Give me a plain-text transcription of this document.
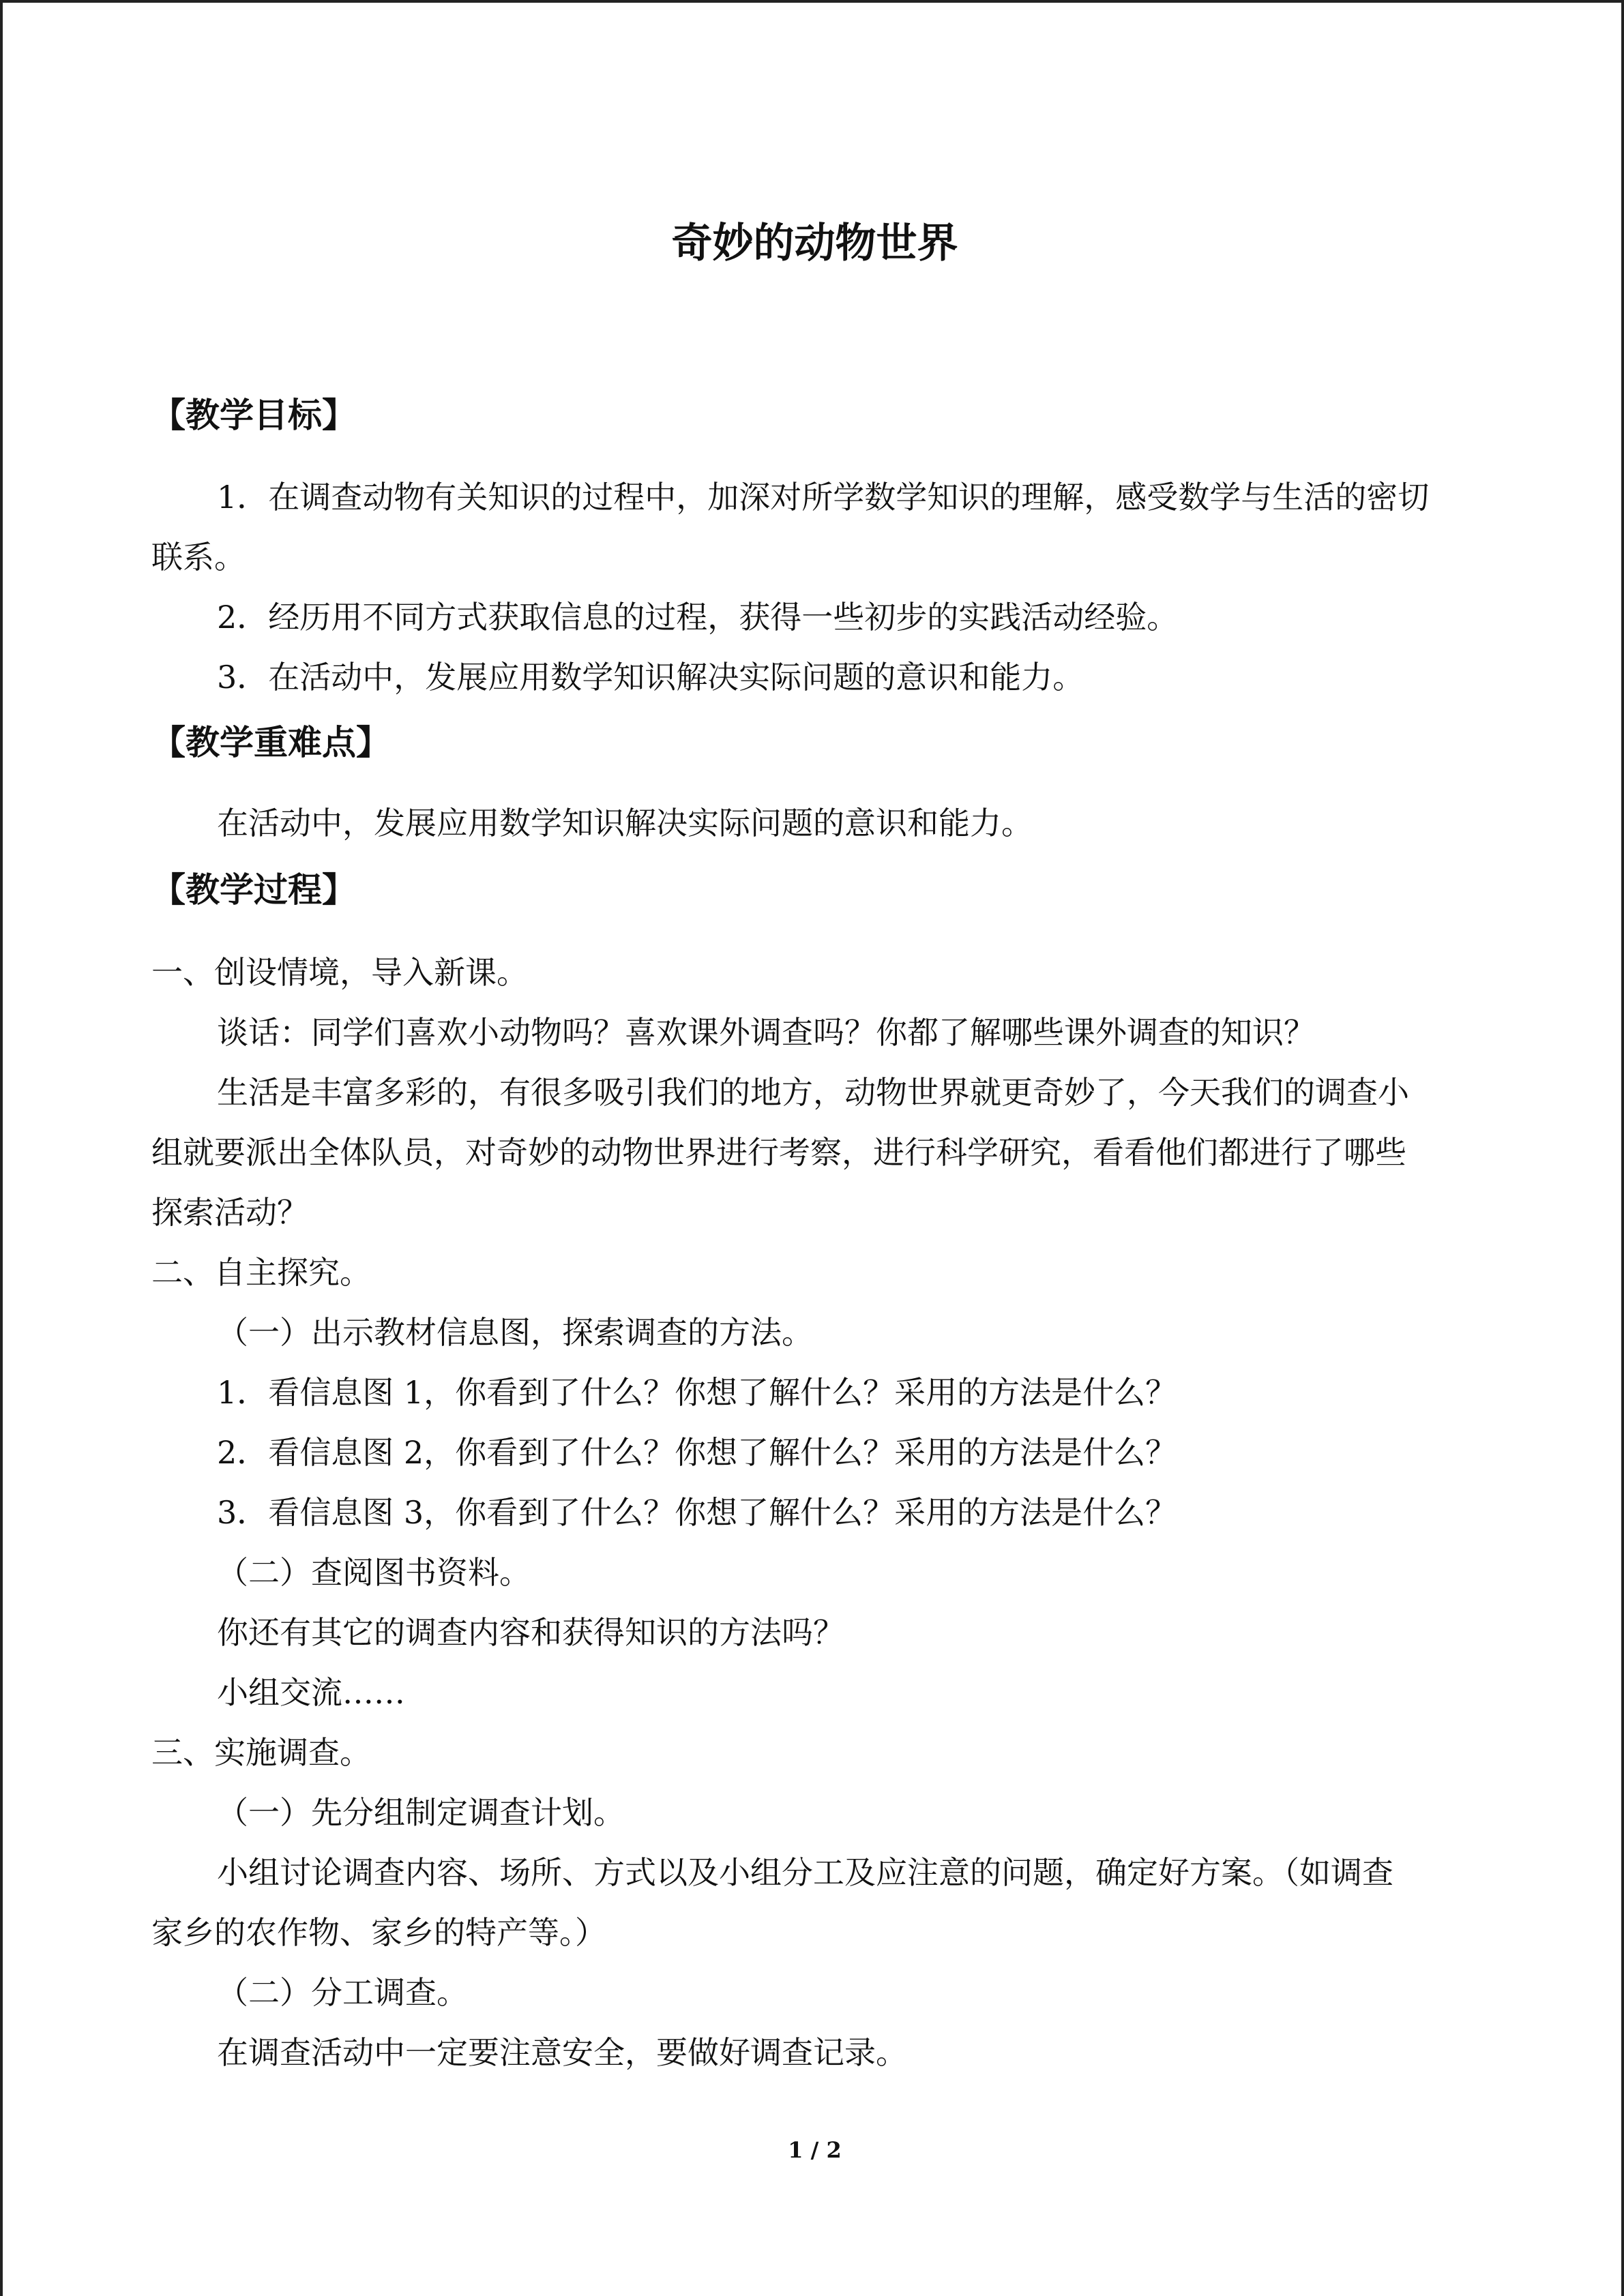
奇妙的动物世界
【教学目标】
1．在调查动物有关知识的过程中，加深对所学数学知识的理解，感受数学与生活的密切
联系。
2．经历用不同方式获取信息的过程，获得一些初步的实践活动经验。
3．在活动中，发展应用数学知识解决实际问题的意识和能力。
【教学重难点】
在活动中，发展应用数学知识解决实际问题的意识和能力。
【教学过程】
一、创设情境，导入新课。
谈话：同学们喜欢小动物吗？喜欢课外调查吗？你都了解哪些课外调查的知识？
生活是丰富多彩的，有很多吸引我们的地方，动物世界就更奇妙了，今天我们的调查小
组就要派出全体队员，对奇妙的动物世界进行考察，进行科学研究，看看他们都进行了哪些
探索活动？
二、自主探究。
（一）出示教材信息图，探索调查的方法。
1．看信息图 1，你看到了什么？你想了解什么？采用的方法是什么？
2．看信息图 2，你看到了什么？你想了解什么？采用的方法是什么？
3．看信息图 3，你看到了什么？你想了解什么？采用的方法是什么？
（二）查阅图书资料。
你还有其它的调查内容和获得知识的方法吗？
小组交流……
三、实施调查。
（一）先分组制定调查计划。
小组讨论调查内容、场所、方式以及小组分工及应注意的问题，确定好方案。（如调查
家乡的农作物、家乡的特产等。）
（二）分工调查。
在调查活动中一定要注意安全，要做好调查记录。
1 / 2
